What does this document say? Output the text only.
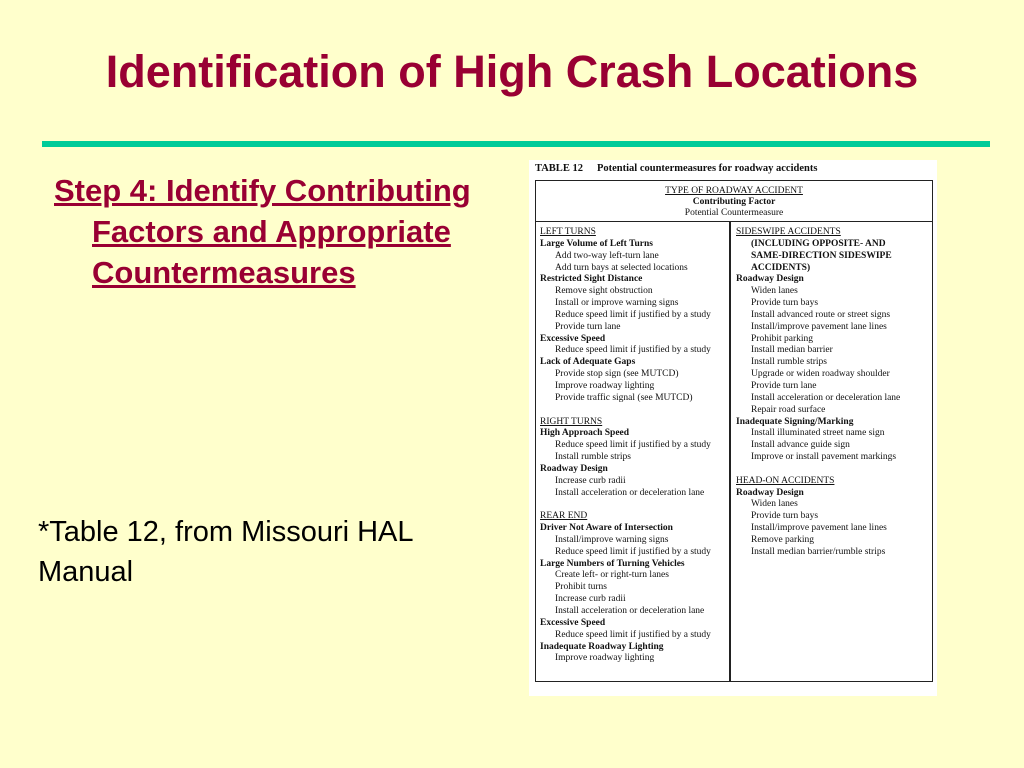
Identification of High Crash Locations
Step 4: Identify Contributing Factors and Appropriate Countermeasures
*Table 12, from Missouri HAL Manual
TABLE 12 Potential countermeasures for roadway accidents
TYPE OF ROADWAY ACCIDENT
Contributing Factor
Potential Countermeasure
LEFT TURNS
Large Volume of Left Turns
Add two-way left-turn lane
Add turn bays at selected locations
Restricted Sight Distance
Remove sight obstruction
Install or improve warning signs
Reduce speed limit if justified by a study
Provide turn lane
Excessive Speed
Reduce speed limit if justified by a study
Lack of Adequate Gaps
Provide stop sign (see MUTCD)
Improve roadway lighting
Provide traffic signal (see MUTCD)
RIGHT TURNS
High Approach Speed
Reduce speed limit if justified by a study
Install rumble strips
Roadway Design
Increase curb radii
Install acceleration or deceleration lane
REAR END
Driver Not Aware of Intersection
Install/improve warning signs
Reduce speed limit if justified by a study
Large Numbers of Turning Vehicles
Create left- or right-turn lanes
Prohibit turns
Increase curb radii
Install acceleration or deceleration lane
Excessive Speed
Reduce speed limit if justified by a study
Inadequate Roadway Lighting
Improve roadway lighting
SIDESWIPE ACCIDENTS
(INCLUDING OPPOSITE- AND
SAME-DIRECTION SIDESWIPE
ACCIDENTS)
Roadway Design
Widen lanes
Provide turn bays
Install advanced route or street signs
Install/improve pavement lane lines
Prohibit parking
Install median barrier
Install rumble strips
Upgrade or widen roadway shoulder
Provide turn lane
Install acceleration or deceleration lane
Repair road surface
Inadequate Signing/Marking
Install illuminated street name sign
Install advance guide sign
Improve or install pavement markings
HEAD-ON ACCIDENTS
Roadway Design
Widen lanes
Provide turn bays
Install/improve pavement lane lines
Remove parking
Install median barrier/rumble strips
